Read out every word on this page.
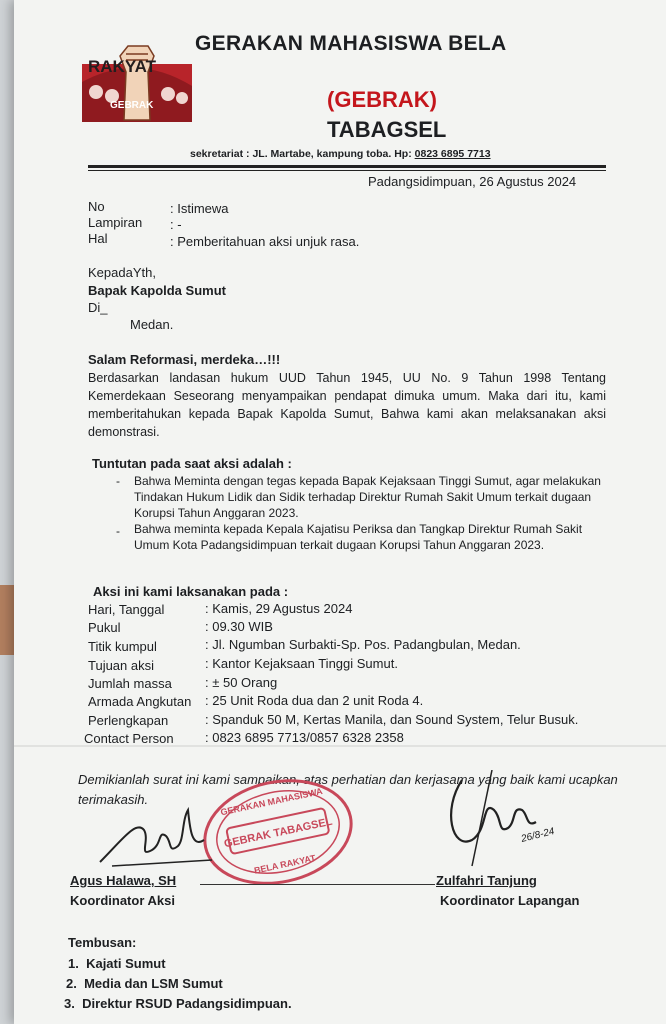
RAKYAT
GEBRAK
GERAKAN MAHASISWA BELA
(GEBRAK)
TABAGSEL
sekretariat : JL. Martabe, kampung toba. Hp: 0823 6895 7713
Padangsidimpuan, 26 Agustus 2024
No	: Istimewa
Lampiran : -
Hal	: Pemberitahuan aksi unjuk rasa.
KepadaYth,
Bapak Kapolda Sumut
Di_
Medan.
Salam Reformasi, merdeka…!!!
Berdasarkan landasan hukum UUD Tahun 1945, UU No. 9 Tahun 1998 Tentang Kemerdekaan Seseorang menyampaikan pendapat dimuka umum. Maka dari itu, kami memberitahukan kepada Bapak Kapolda Sumut, Bahwa kami akan melaksanakan aksi demonstrasi.
Tuntutan pada saat aksi adalah :
- Bahwa Meminta dengan tegas kepada Bapak Kejaksaan Tinggi Sumut, agar melakukan Tindakan Hukum Lidik dan Sidik terhadap Direktur Rumah Sakit Umum terkait dugaan Korupsi Tahun Anggaran 2023.
- Bahwa meminta kepada Kepala Kajatisu Periksa dan Tangkap Direktur Rumah Sakit Umum Kota Padangsidimpuan terkait dugaan Korupsi Tahun Anggaran 2023.
Aksi ini kami laksanakan pada :
Hari, Tanggal	: Kamis, 29 Agustus 2024
Pukul	: 09.30 WIB
Titik kumpul	: Jl. Ngumban Surbakti-Sp. Pos. Padangbulan, Medan.
Tujuan aksi	: Kantor Kejaksaan Tinggi Sumut.
Jumlah massa	: ± 50 Orang
Armada Angkutan	: 25 Unit Roda dua dan 2 unit Roda 4.
Perlengkapan	: Spanduk 50 M, Kertas Manila, dan Sound System, Telur Busuk.
Contact Person	: 0823 6895 7713/0857 6328 2358
Demikianlah surat ini kami sampaikan, atas perhatian dan kerjasama yang baik kami ucapkan terimakasih.	GERAKAN MAHASISWA
GEBRAK TABAGSEL
BELA RAKYAT
26/8-24
Agus Halawa, SH
Koordinator Aksi
Zulfahri Tanjung
Koordinator Lapangan
Tembusan:
1.  Kajati Sumut
2.  Media dan LSM Sumut
3.  Direktur RSUD Padangsidimpuan.
